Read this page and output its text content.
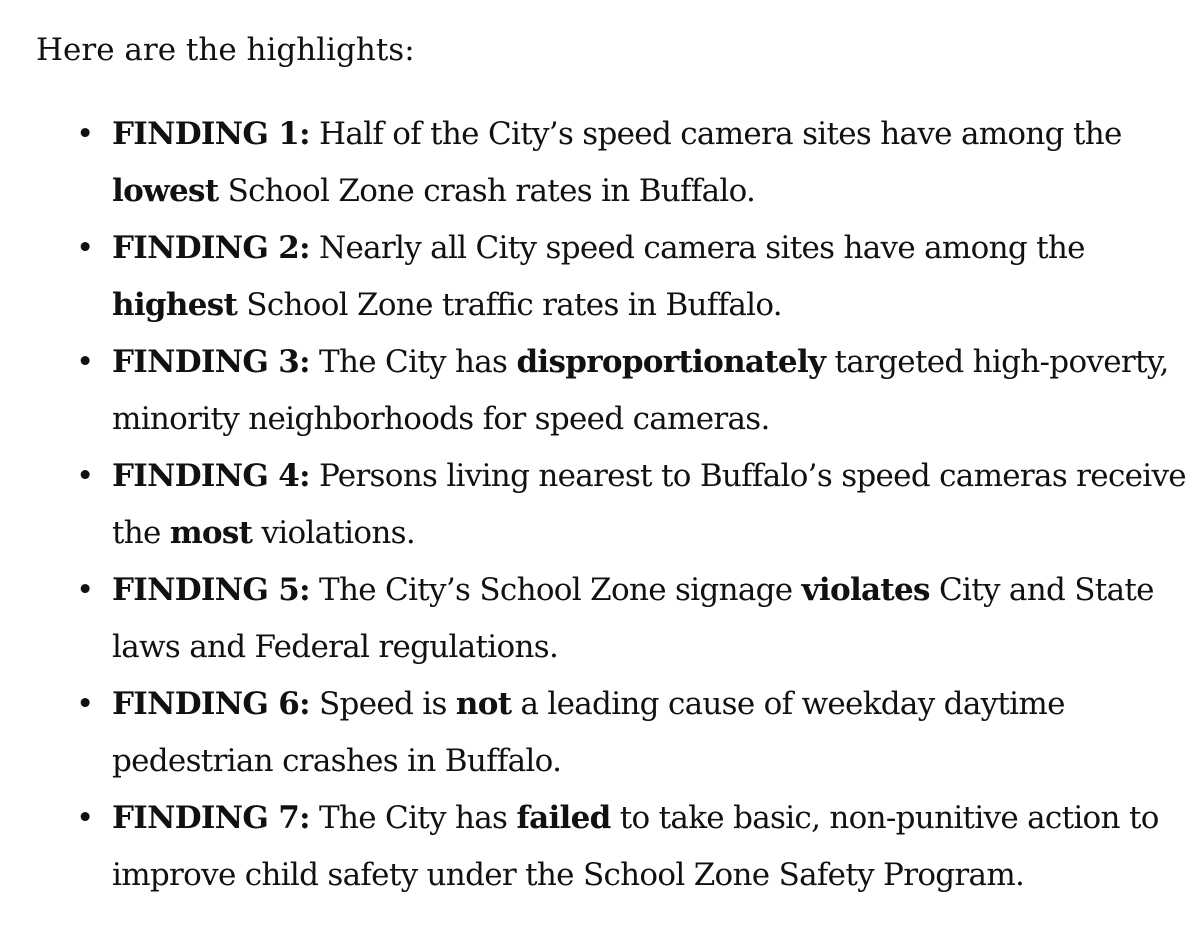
Here are the highlights:

• FINDING 1: Half of the City’s speed camera sites have among the lowest School Zone crash rates in Buffalo.
• FINDING 2: Nearly all City speed camera sites have among the highest School Zone traffic rates in Buffalo.
• FINDING 3: The City has disproportionately targeted high-poverty, minority neighborhoods for speed cameras.
• FINDING 4: Persons living nearest to Buffalo’s speed cameras receive the most violations.
• FINDING 5: The City’s School Zone signage violates City and State laws and Federal regulations.
• FINDING 6: Speed is not a leading cause of weekday daytime pedestrian crashes in Buffalo.
• FINDING 7: The City has failed to take basic, non-punitive action to improve child safety under the School Zone Safety Program.
